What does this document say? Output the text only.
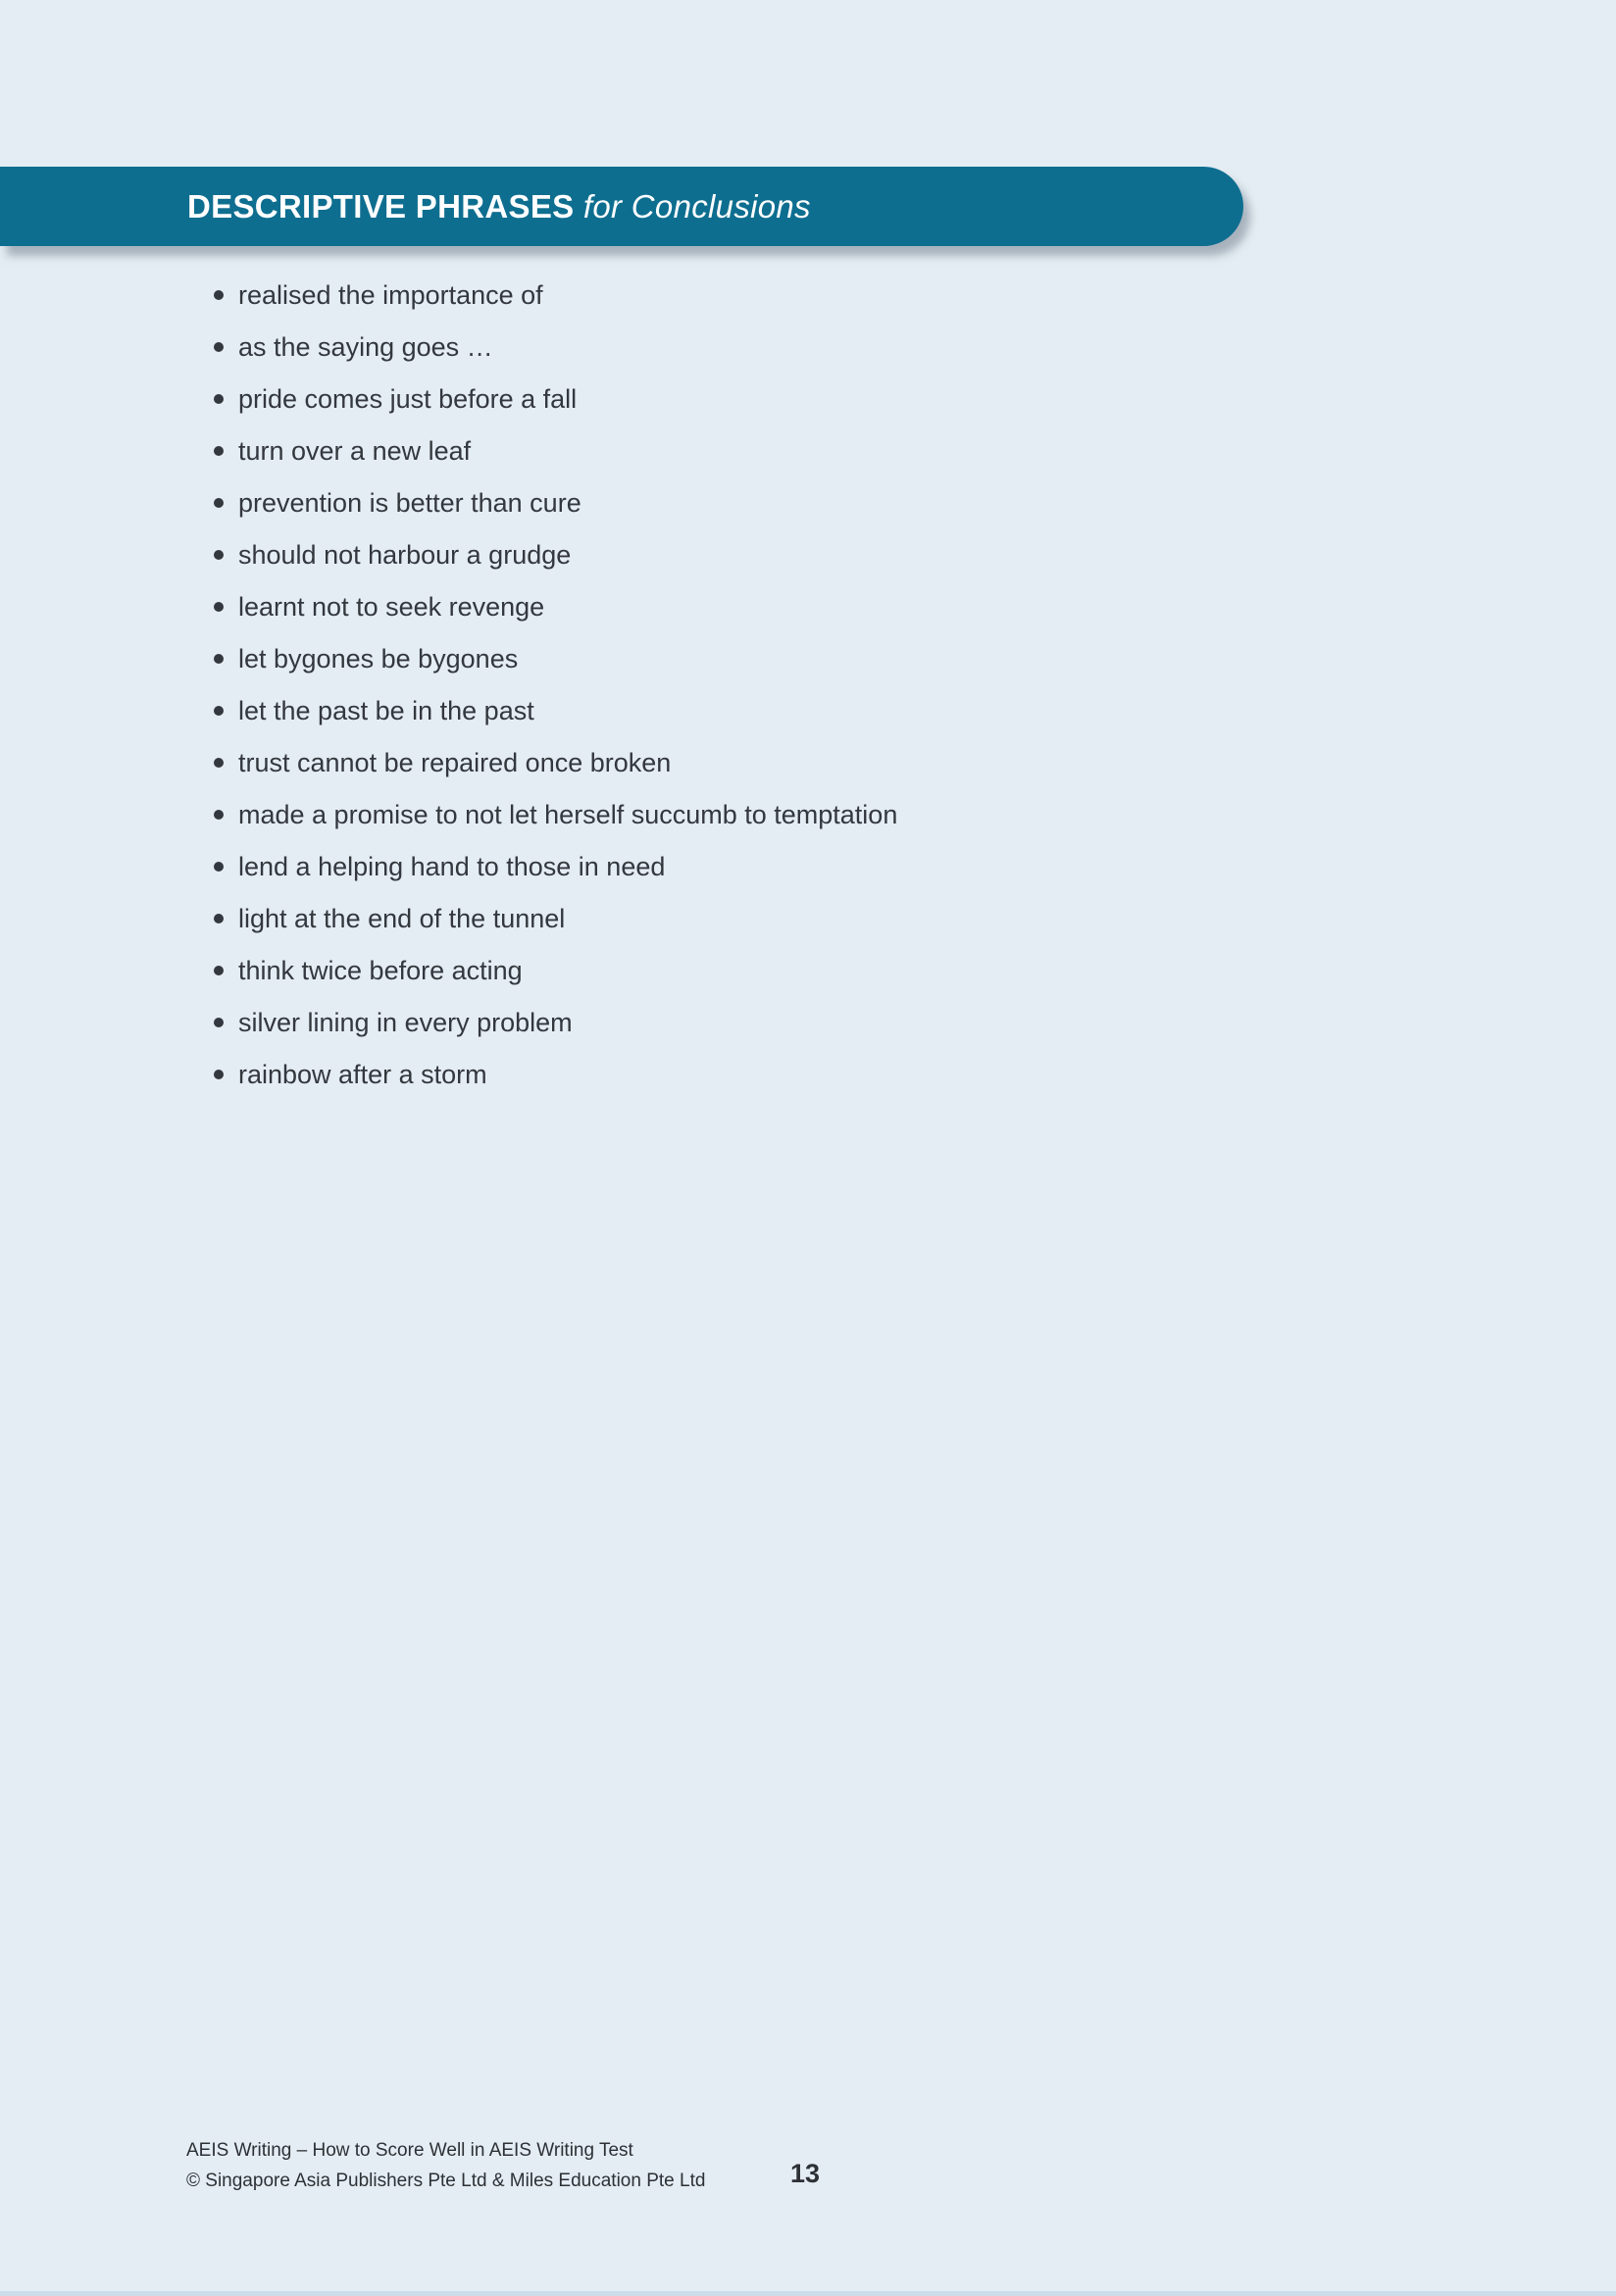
DESCRIPTIVE PHRASES for Conclusions
realised the importance of
as the saying goes …
pride comes just before a fall
turn over a new leaf
prevention is better than cure
should not harbour a grudge
learnt not to seek revenge
let bygones be bygones
let the past be in the past
trust cannot be repaired once broken
made a promise to not let herself succumb to temptation
lend a helping hand to those in need
light at the end of the tunnel
think twice before acting
silver lining in every problem
rainbow after a storm
AEIS Writing – How to Score Well in AEIS Writing Test
© Singapore Asia Publishers Pte Ltd & Miles Education Pte Ltd	13
